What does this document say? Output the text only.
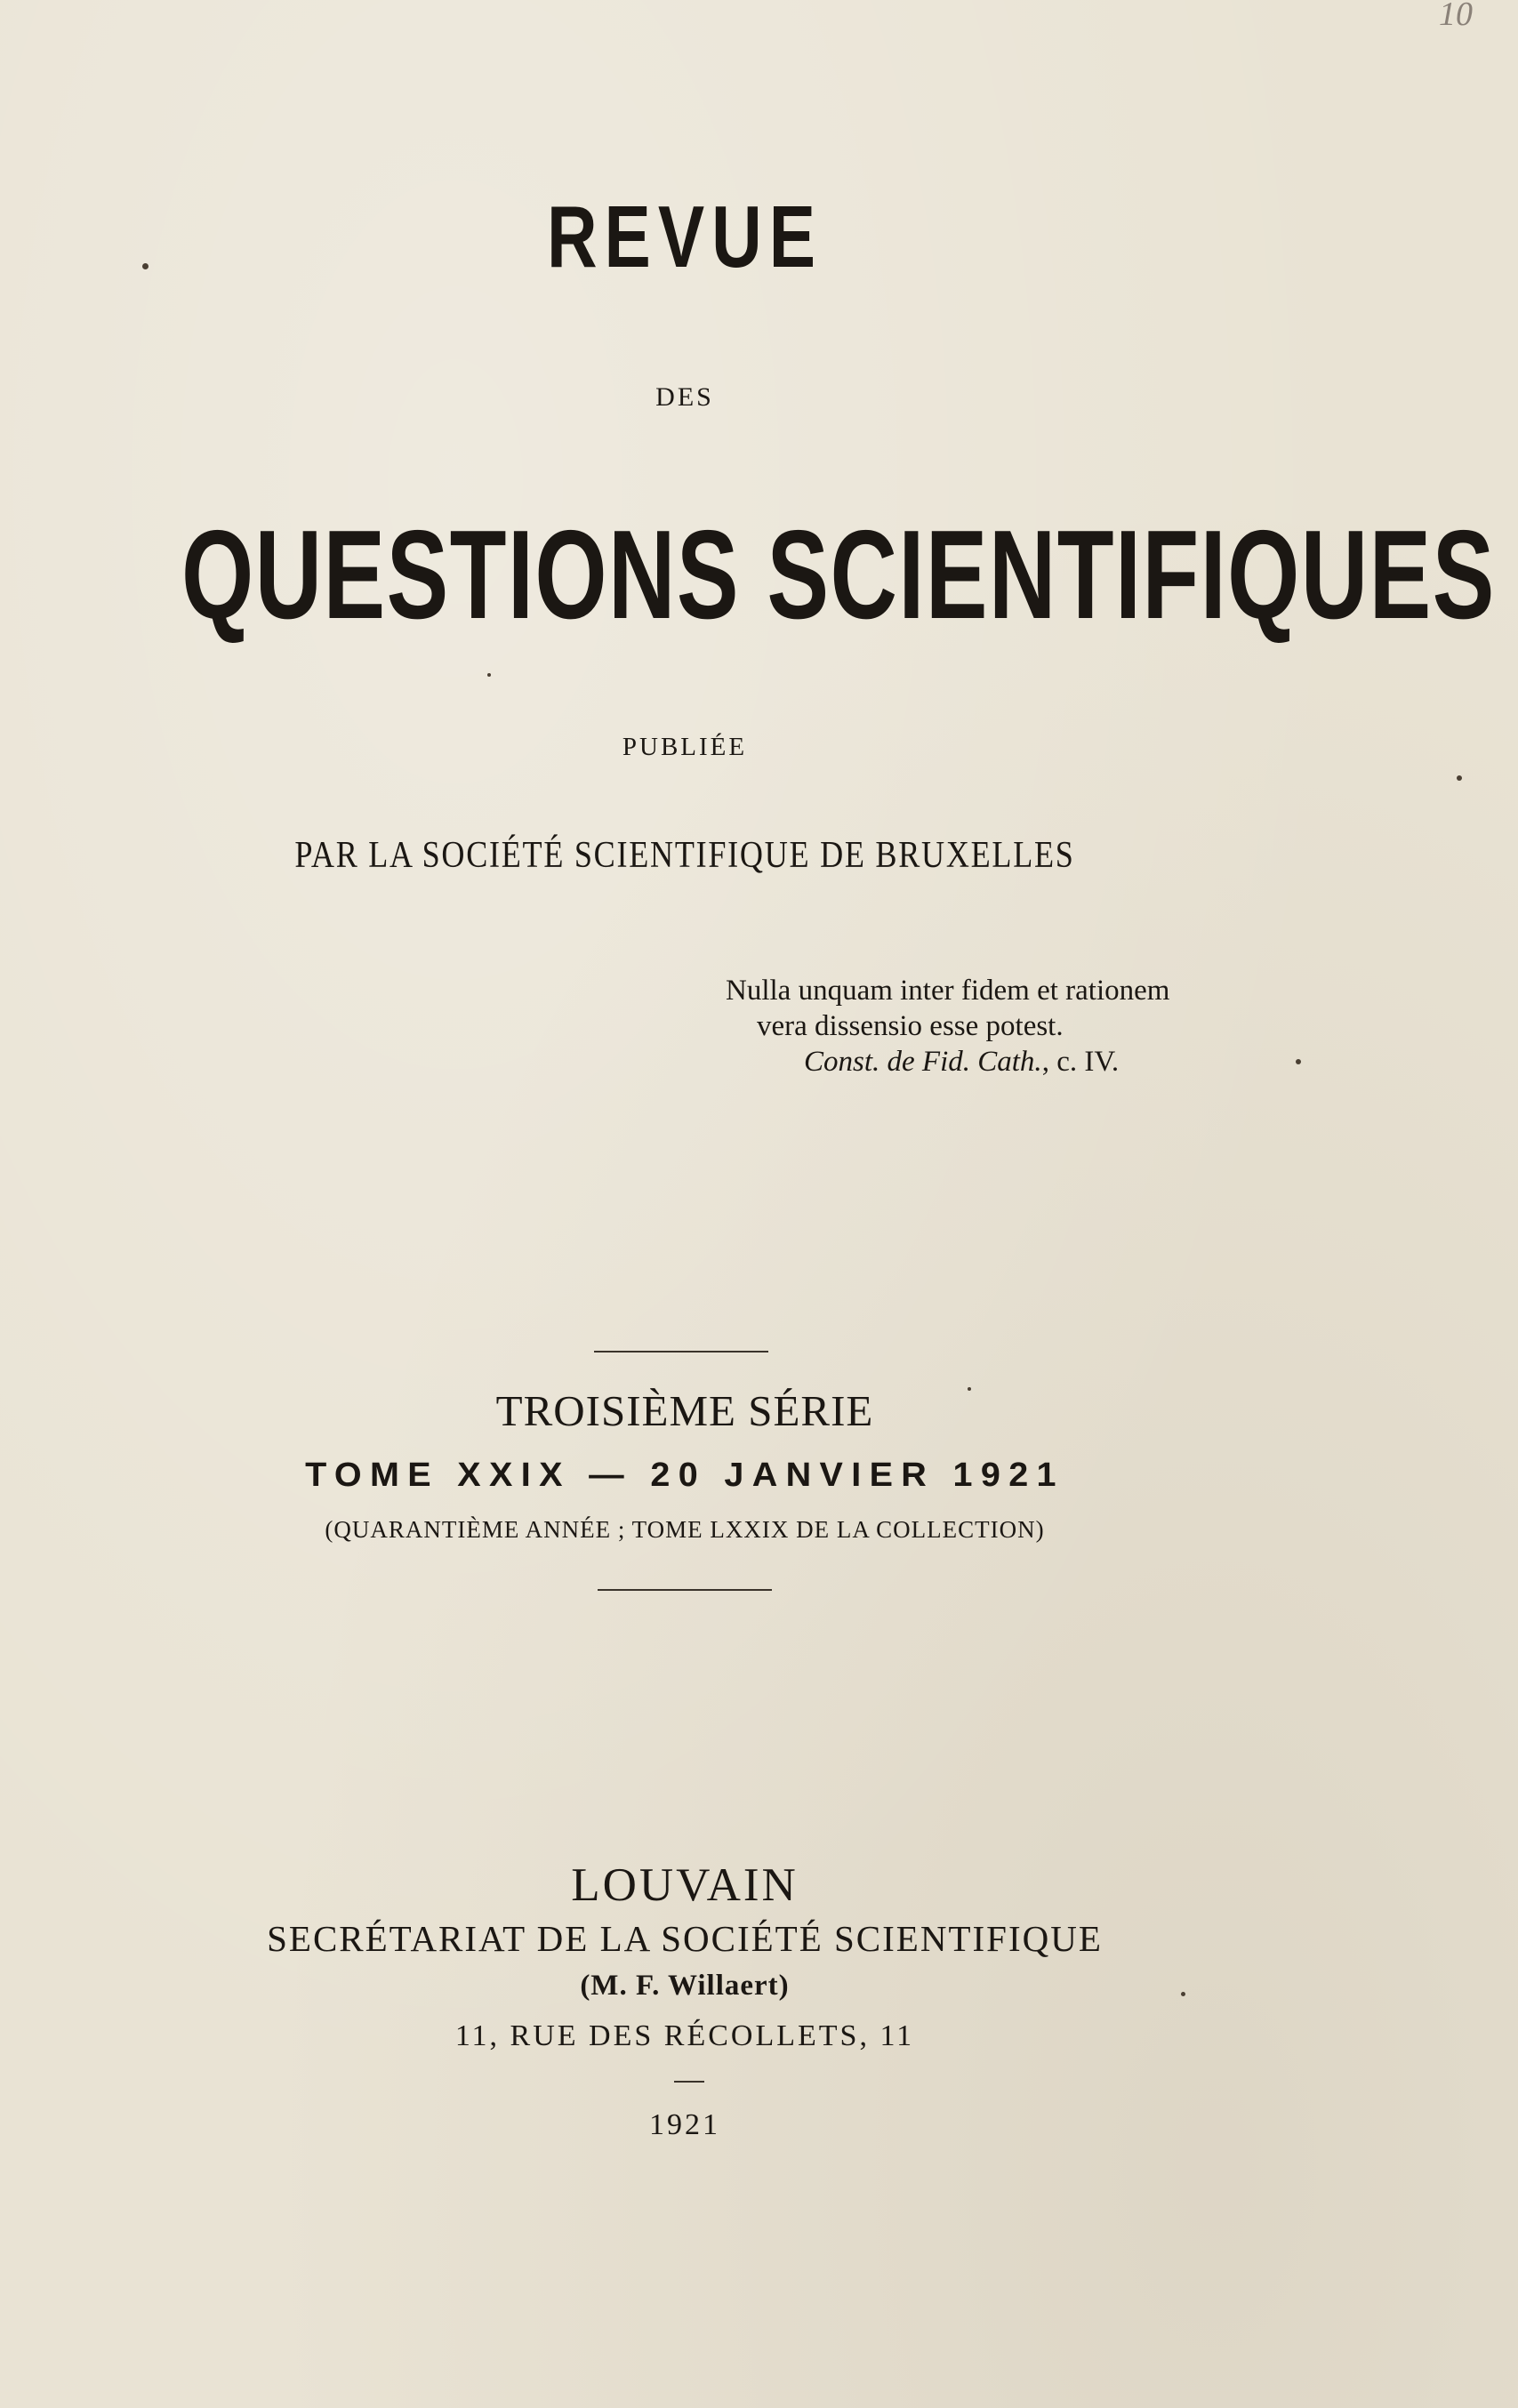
10
REVUE
DES
QUESTIONS SCIENTIFIQUES
PUBLIÉE
PAR LA SOCIÉTÉ SCIENTIFIQUE DE BRUXELLES
Nulla unquam inter fidem et rationem
vera dissensio esse potest.
Const. de Fid. Cath., c. IV.
TROISIÈME SÉRIE
TOME XXIX — 20 JANVIER 1921
(QUARANTIÈME ANNÉE ; TOME LXXIX DE LA COLLECTION)
LOUVAIN
SECRÉTARIAT DE LA SOCIÉTÉ SCIENTIFIQUE
(M. F. Willaert)
11, RUE DES RÉCOLLETS, 11
1921
